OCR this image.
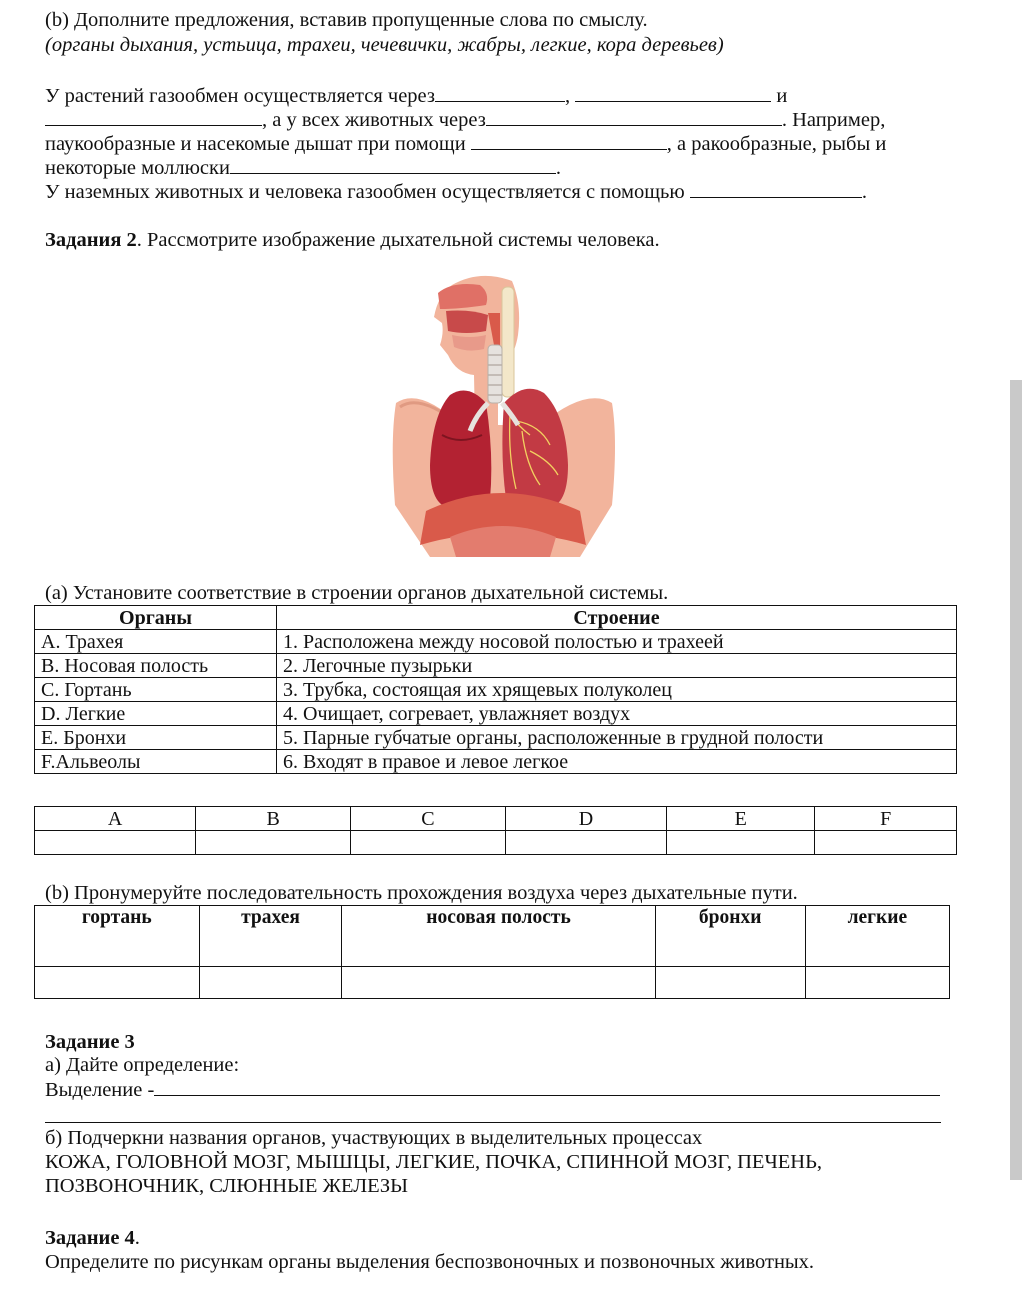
(b) Дополните предложения, вставив пропущенные слова по смыслу.
(органы дыхания, устьица, трахеи, чечевички, жабры, легкие, кора деревьев)
У растений газообмен осуществляется через	,	и
, а у всех животных через	. Например,
паукообразные и насекомые дышат при помощи	, а ракообразные, рыбы и
некоторые моллюски	.
У наземных животных и человека газообмен осуществляется с помощью	.
Задания 2. Рассмотрите изображение дыхательной системы человека.
(a) Установите соответствие в строении органов дыхательной системы.
Органы	Строение
A. Трахея	1. Расположена между носовой полостью и трахеей
B. Носовая полость	2. Легочные пузырьки
C. Гортань	3. Трубка, состоящая их хрящевых полуколец
D. Легкие	4. Очищает, согревает, увлажняет воздух
E. Бронхи	5. Парные губчатые органы, расположенные в грудной полости
F.Альвеолы	6. Входят в правое и левое легкое
A	B	C	D	E	F

(b) Пронумеруйте последовательность прохождения воздуха через дыхательные пути.
гортань	трахея	носовая полость	бронхи	легкие

Задание 3
а) Дайте определение:
Выделение -
б) Подчеркни названия органов, участвующих в выделительных процессах
КОЖА, ГОЛОВНОЙ МОЗГ, МЫШЦЫ, ЛЕГКИЕ, ПОЧКА, СПИННОЙ МОЗГ, ПЕЧЕНЬ,
ПОЗВОНОЧНИК, СЛЮННЫЕ ЖЕЛЕЗЫ
Задание 4.
Определите по рисункам органы выделения беспозвоночных и позвоночных животных.
